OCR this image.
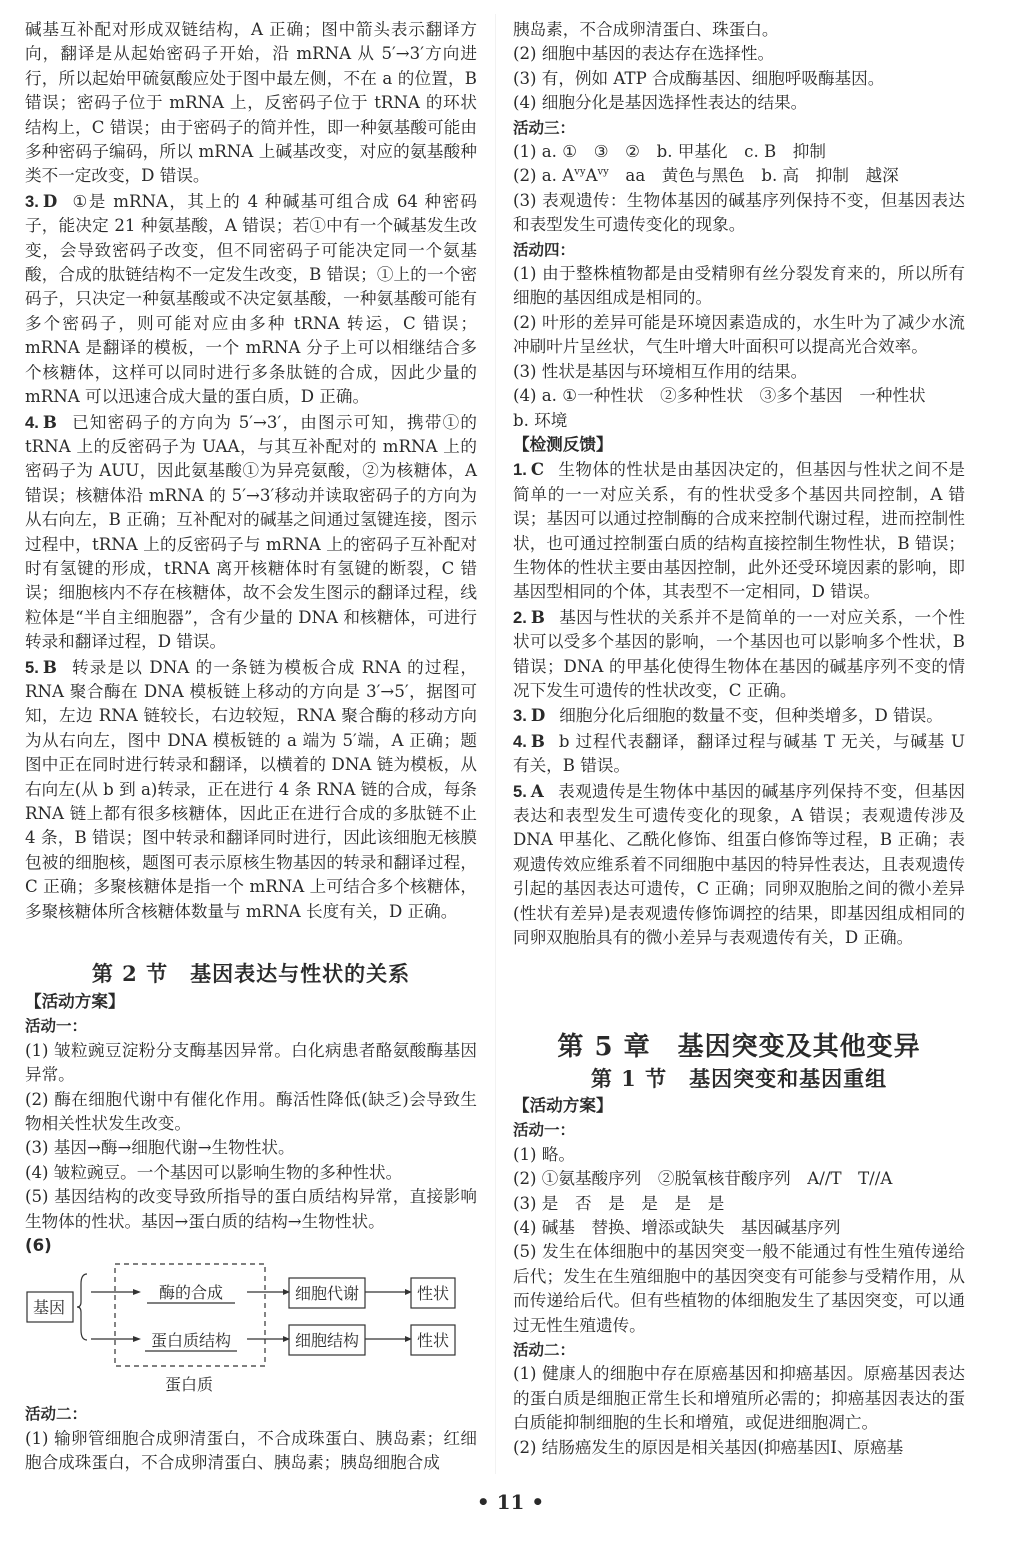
碱基互补配对形成双链结构，A 正确；图中箭头表示翻译方向，翻译是从起始密码子开始，沿 mRNA 从 5′→3′方向进行，所以起始甲硫氨酸应处于图中最左侧，不在 a 的位置，B 错误；密码子位于 mRNA 上，反密码子位于 tRNA 的环状结构上，C 错误；由于密码子的简并性，即一种氨基酸可能由多种密码子编码，所以 mRNA 上碱基改变，对应的氨基酸种类不一定改变，D 错误。

3. D ①是 mRNA，其上的 4 种碱基可组合成 64 种密码子，能决定 21 种氨基酸，A 错误；若①中有一个碱基发生改变，会导致密码子改变，但不同密码子可能决定同一个氨基酸，合成的肽链结构不一定发生改变，B 错误；①上的一个密码子，只决定一种氨基酸或不决定氨基酸，一种氨基酸可能有多个密码子，则可能对应由多种 tRNA 转运，C 错误；mRNA 是翻译的模板，一个 mRNA 分子上可以相继结合多个核糖体，这样可以同时进行多条肽链的合成，因此少量的 mRNA 可以迅速合成大量的蛋白质，D 正确。

4. B 已知密码子的方向为 5′→3′，由图示可知，携带①的 tRNA 上的反密码子为 UAA，与其互补配对的 mRNA 上的密码子为 AUU，因此氨基酸①为异亮氨酸，②为核糖体，A 错误；核糖体沿 mRNA 的 5′→3′移动并读取密码子的方向为从右向左，B 正确；互补配对的碱基之间通过氢键连接，图示过程中，tRNA 上的反密码子与 mRNA 上的密码子互补配对时有氢键的形成，tRNA 离开核糖体时有氢键的断裂，C 错误；细胞核内不存在核糖体，故不会发生图示的翻译过程，线粒体是“半自主细胞器”，含有少量的 DNA 和核糖体，可进行转录和翻译过程，D 错误。

5. B 转录是以 DNA 的一条链为模板合成 RNA 的过程，RNA 聚合酶在 DNA 模板链上移动的方向是 3′→5′，据图可知，左边 RNA 链较长，右边较短，RNA 聚合酶的移动方向为从右向左，图中 DNA 模板链的 a 端为 5′端，A 正确；题图中正在同时进行转录和翻译，以横着的 DNA 链为模板，从右向左(从 b 到 a)转录，正在进行 4 条 RNA 链的合成，每条 RNA 链上都有很多核糖体，因此正在进行合成的多肽链不止 4 条，B 错误；图中转录和翻译同时进行，因此该细胞无核膜包被的细胞核，题图可表示原核生物基因的转录和翻译过程，C 正确；多聚核糖体是指一个 mRNA 上可结合多个核糖体，多聚核糖体所含核糖体数量与 mRNA 长度有关，D 正确。

第 2 节　基因表达与性状的关系
【活动方案】
活动一：

(1) 皱粒豌豆淀粉分支酶基因异常。白化病患者酪氨酸酶基因异常。

(2) 酶在细胞代谢中有催化作用。酶活性降低(缺乏)会导致生物相关性状发生改变。

(3) 基因→酶→细胞代谢→生物性状。

(4) 皱粒豌豆。一个基因可以影响生物的多种性状。

(5) 基因结构的改变导致所指导的蛋白质结构异常，直接影响生物体的性状。基因→蛋白质的结构→生物性状。

(6)

基因
酶的合成
蛋白质结构
细胞代谢
细胞结构
性状
性状
蛋白质
活动二：

(1) 输卵管细胞合成卵清蛋白，不合成珠蛋白、胰岛素；红细胞合成珠蛋白，不合成卵清蛋白、胰岛素；胰岛细胞合成

胰岛素，不合成卵清蛋白、珠蛋白。

(2) 细胞中基因的表达存在选择性。

(3) 有，例如 ATP 合成酶基因、细胞呼吸酶基因。

(4) 细胞分化是基因选择性表达的结果。

活动三：

(1) a. ①　③　②　b. 甲基化　c. B　抑制

(2) a. $A^{vy}A^{vy}$　aa　黄色与黑色　b. 高　抑制　越深

(3) 表观遗传：生物体基因的碱基序列保持不变，但基因表达和表型发生可遗传变化的现象。

活动四：

(1) 由于整株植物都是由受精卵有丝分裂发育来的，所以所有细胞的基因组成是相同的。

(2) 叶形的差异可能是环境因素造成的，水生叶为了减少水流冲刷叶片呈丝状，气生叶增大叶面积可以提高光合效率。

(3) 性状是基因与环境相互作用的结果。

(4) a. ①一种性状　②多种性状　③多个基因　一种性状

b. 环境

【检测反馈】

1. C 生物体的性状是由基因决定的，但基因与性状之间不是简单的一一对应关系，有的性状受多个基因共同控制，A 错误；基因可以通过控制酶的合成来控制代谢过程，进而控制性状，也可通过控制蛋白质的结构直接控制生物性状，B 错误；生物体的性状主要由基因控制，此外还受环境因素的影响，即基因型相同的个体，其表型不一定相同，D 错误。

2. B 基因与性状的关系并不是简单的一一对应关系，一个性状可以受多个基因的影响，一个基因也可以影响多个性状，B 错误；DNA 的甲基化使得生物体在基因的碱基序列不变的情况下发生可遗传的性状改变，C 正确。

3. D 细胞分化后细胞的数量不变，但种类增多，D 错误。

4. B b 过程代表翻译，翻译过程与碱基 T 无关，与碱基 U 有关，B 错误。

5. A 表观遗传是生物体中基因的碱基序列保持不变，但基因表达和表型发生可遗传变化的现象，A 错误；表观遗传涉及 DNA 甲基化、乙酰化修饰、组蛋白修饰等过程，B 正确；表观遗传效应维系着不同细胞中基因的特异性表达，且表观遗传引起的基因表达可遗传，C 正确；同卵双胞胎之间的微小差异(性状有差异)是表观遗传修饰调控的结果，即基因组成相同的同卵双胞胎具有的微小差异与表观遗传有关，D 正确。

第 5 章　基因突变及其他变异
第 1 节　基因突变和基因重组
【活动方案】
活动一：

(1) 略。

(2) ①氨基酸序列　②脱氧核苷酸序列　A//T　T//A

(3) 是　否　是　是　是　是

(4) 碱基　替换、增添或缺失　基因碱基序列

(5) 发生在体细胞中的基因突变一般不能通过有性生殖传递给后代；发生在生殖细胞中的基因突变有可能参与受精作用，从而传递给后代。但有些植物的体细胞发生了基因突变，可以通过无性生殖遗传。

活动二：

(1) 健康人的细胞中存在原癌基因和抑癌基因。原癌基因表达的蛋白质是细胞正常生长和增殖所必需的；抑癌基因表达的蛋白质能抑制细胞的生长和增殖，或促进细胞凋亡。

(2) 结肠癌发生的原因是相关基因(抑癌基因Ⅰ、原癌基

• 11 •
